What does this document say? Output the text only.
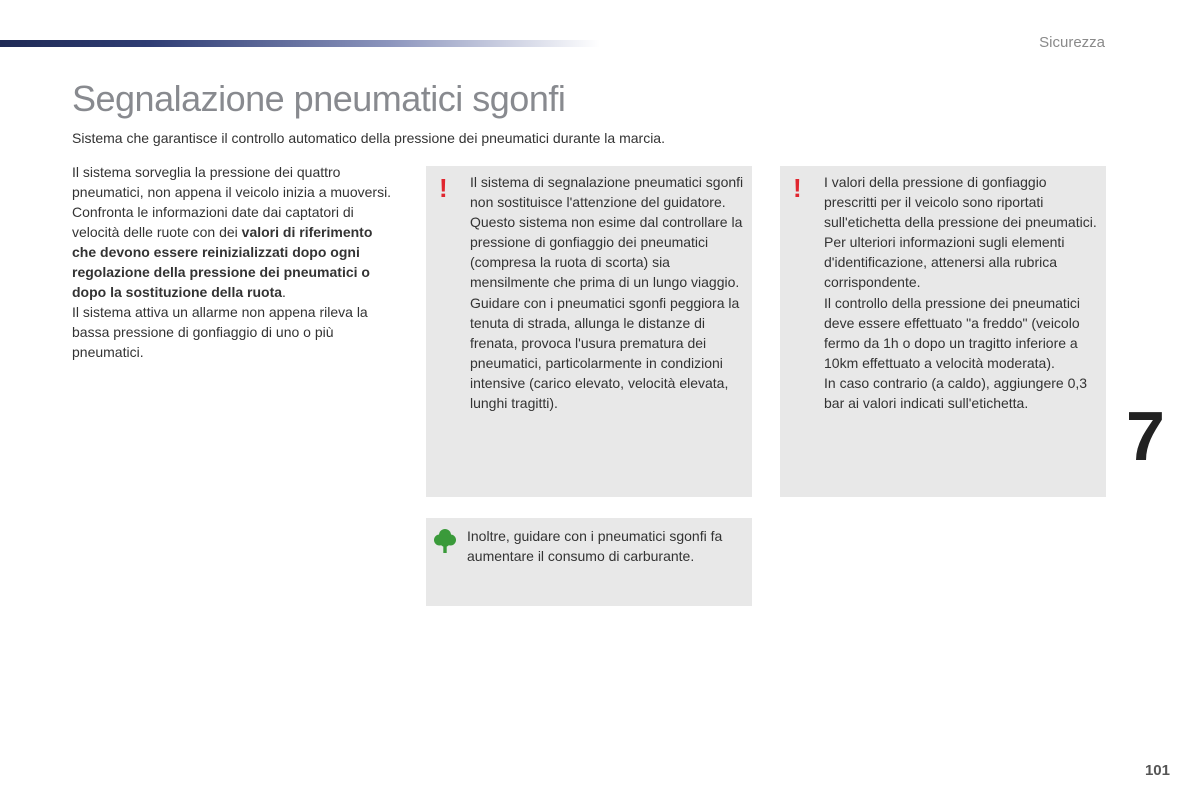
Sicurezza
Segnalazione pneumatici sgonfi

Sistema che garantisce il controllo automatico della pressione dei pneumatici durante la marcia.

Il sistema sorveglia la pressione dei quattro pneumatici, non appena il veicolo inizia a muoversi.

Confronta le informazioni date dai captatori di velocità delle ruote con dei valori di riferimento che devono essere reinizializzati dopo ogni regolazione della pressione dei pneumatici o dopo la sostituzione della ruota.

Il sistema attiva un allarme non appena rileva la bassa pressione di gonfiaggio di uno o più pneumatici.

! Il sistema di segnalazione pneumatici sgonfi non sostituisce l'attenzione del guidatore.

Questo sistema non esime dal controllare la pressione di gonfiaggio dei pneumatici (compresa la ruota di scorta) sia mensilmente che prima di un lungo viaggio.

Guidare con i pneumatici sgonfi peggiora la tenuta di strada, allunga le distanze di frenata, provoca l'usura prematura dei pneumatici, particolarmente in condizioni intensive (carico elevato, velocità elevata, lunghi tragitti).

! I valori della pressione di gonfiaggio prescritti per il veicolo sono riportati sull'etichetta della pressione dei pneumatici.

Per ulteriori informazioni sugli elementi d'identificazione, attenersi alla rubrica corrispondente.

Il controllo della pressione dei pneumatici deve essere effettuato "a freddo" (veicolo fermo da 1h o dopo un tragitto inferiore a 10km effettuato a velocità moderata).

In caso contrario (a caldo), aggiungere 0,3 bar ai valori indicati sull'etichetta.

Inoltre, guidare con i pneumatici sgonfi fa aumentare il consumo di carburante.
7
101
